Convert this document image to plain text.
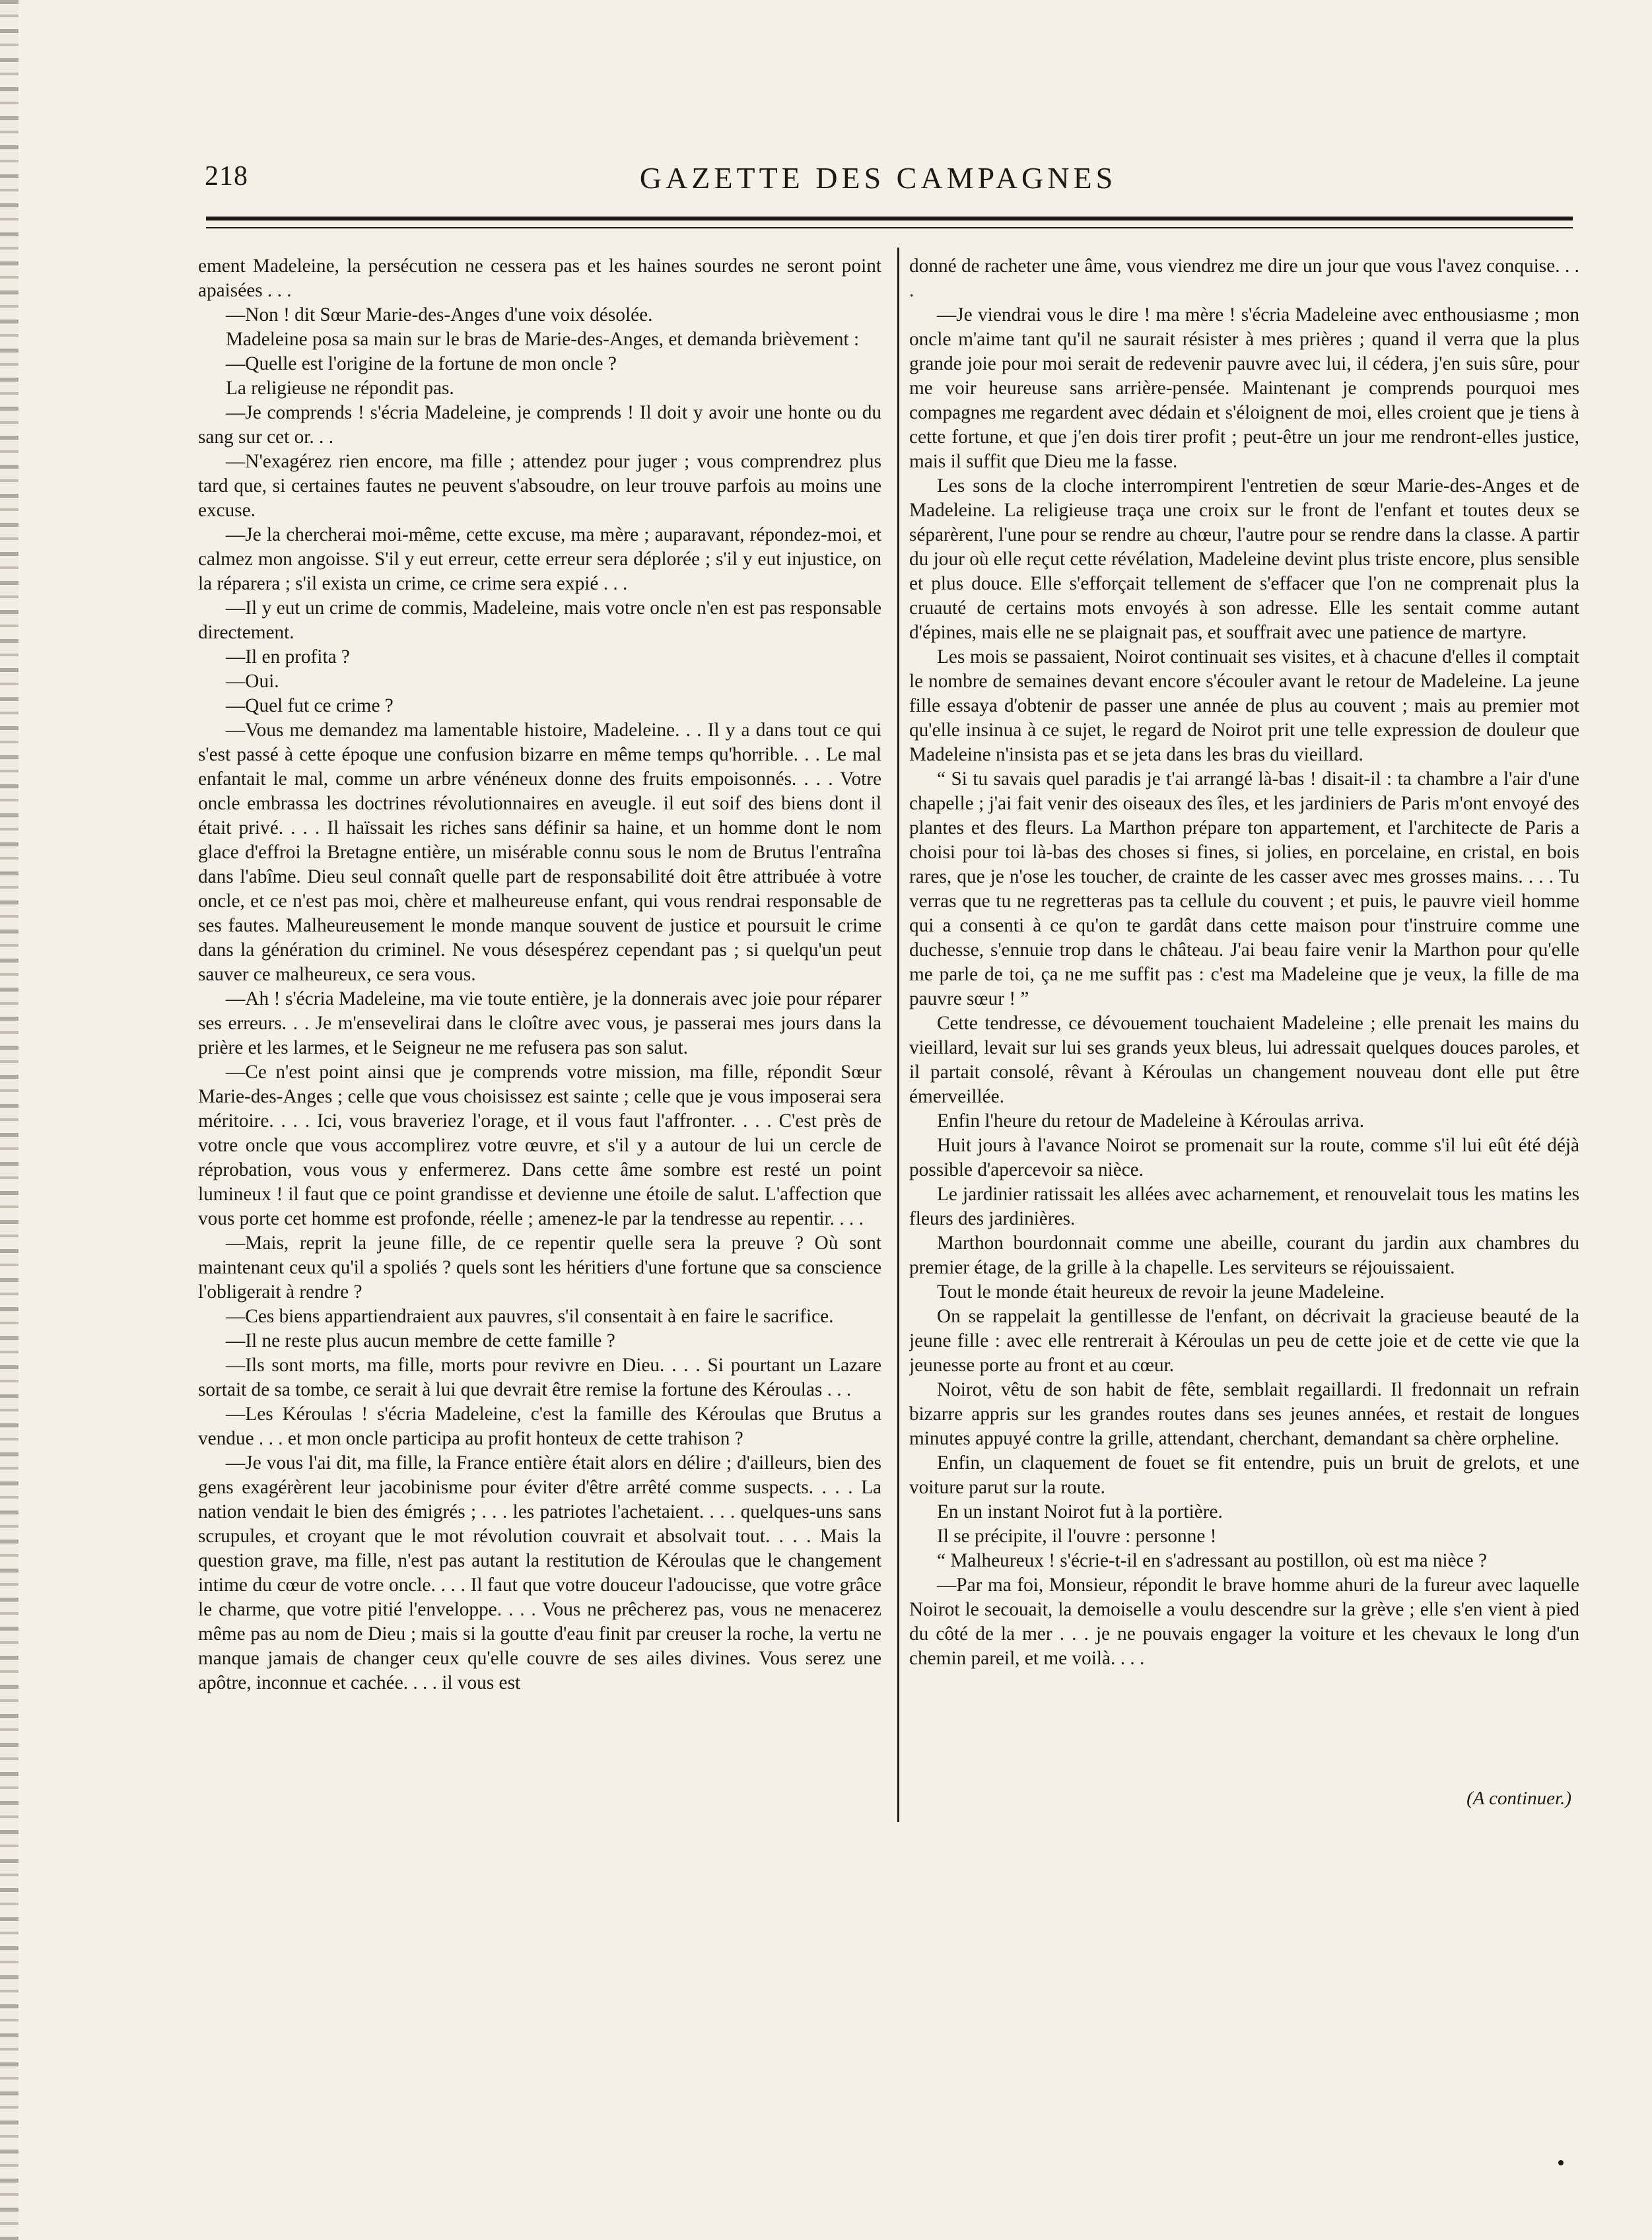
218	GAZETTE DES CAMPAGNES

ement Madeleine, la persécution ne cessera pas et les haines sourdes ne seront point apaisées . . .

—Non ! dit Sœur Marie-des-Anges d'une voix désolée.

Madeleine posa sa main sur le bras de Marie-des-Anges, et demanda brièvement :

—Quelle est l'origine de la fortune de mon oncle ?

La religieuse ne répondit pas.

—Je comprends ! s'écria Madeleine, je comprends ! Il doit y avoir une honte ou du sang sur cet or. . .

—N'exagérez rien encore, ma fille ; attendez pour juger ; vous comprendrez plus tard que, si certaines fautes ne peuvent s'absoudre, on leur trouve parfois au moins une excuse.

—Je la chercherai moi-même, cette excuse, ma mère ; auparavant, répondez-moi, et calmez mon angoisse. S'il y eut erreur, cette erreur sera déplorée ; s'il y eut injustice, on la réparera ; s'il exista un crime, ce crime sera expié . . .

—Il y eut un crime de commis, Madeleine, mais votre oncle n'en est pas responsable directement.

—Il en profita ?

—Oui.

—Quel fut ce crime ?

—Vous me demandez ma lamentable histoire, Madeleine. . . Il y a dans tout ce qui s'est passé à cette époque une confusion bizarre en même temps qu'horrible. . . Le mal enfantait le mal, comme un arbre vénéneux donne des fruits empoisonnés. . . . Votre oncle embrassa les doctrines révolutionnaires en aveugle. il eut soif des biens dont il était privé. . . . Il haïssait les riches sans définir sa haine, et un homme dont le nom glace d'effroi la Bretagne entière, un misérable connu sous le nom de Brutus l'entraîna dans l'abîme. Dieu seul connaît quelle part de responsabilité doit être attribuée à votre oncle, et ce n'est pas moi, chère et malheureuse enfant, qui vous rendrai responsable de ses fautes. Malheureusement le monde manque souvent de justice et poursuit le crime dans la génération du criminel. Ne vous désespérez cependant pas ; si quelqu'un peut sauver ce malheureux, ce sera vous.

—Ah ! s'écria Madeleine, ma vie toute entière, je la donnerais avec joie pour réparer ses erreurs. . . Je m'ensevelirai dans le cloître avec vous, je passerai mes jours dans la prière et les larmes, et le Seigneur ne me refusera pas son salut.

—Ce n'est point ainsi que je comprends votre mission, ma fille, répondit Sœur Marie-des-Anges ; celle que vous choisissez est sainte ; celle que je vous imposerai sera méritoire. . . . Ici, vous braveriez l'orage, et il vous faut l'affronter. . . . C'est près de votre oncle que vous accomplirez votre œuvre, et s'il y a autour de lui un cercle de réprobation, vous vous y enfermerez. Dans cette âme sombre est resté un point lumineux ! il faut que ce point grandisse et devienne une étoile de salut. L'affection que vous porte cet homme est profonde, réelle ; amenez-le par la tendresse au repentir. . . .

—Mais, reprit la jeune fille, de ce repentir quelle sera la preuve ? Où sont maintenant ceux qu'il a spoliés ? quels sont les héritiers d'une fortune que sa conscience l'obligerait à rendre ?

—Ces biens appartiendraient aux pauvres, s'il consentait à en faire le sacrifice.

—Il ne reste plus aucun membre de cette famille ?

—Ils sont morts, ma fille, morts pour revivre en Dieu. . . . Si pourtant un Lazare sortait de sa tombe, ce serait à lui que devrait être remise la fortune des Kéroulas . . .

—Les Kéroulas ! s'écria Madeleine, c'est la famille des Kéroulas que Brutus a vendue . . . et mon oncle participa au profit honteux de cette trahison ?

—Je vous l'ai dit, ma fille, la France entière était alors en délire ; d'ailleurs, bien des gens exagérèrent leur jacobinisme pour éviter d'être arrêté comme suspects. . . . La nation vendait le bien des émigrés ; . . . les patriotes l'achetaient. . . . quelques-uns sans scrupules, et croyant que le mot révolution couvrait et absolvait tout. . . . Mais la question grave, ma fille, n'est pas autant la restitution de Kéroulas que le changement intime du cœur de votre oncle. . . . Il faut que votre douceur l'adoucisse, que votre grâce le charme, que votre pitié l'enveloppe. . . . Vous ne prêcherez pas, vous ne menacerez même pas au nom de Dieu ; mais si la goutte d'eau finit par creuser la roche, la vertu ne manque jamais de changer ceux qu'elle couvre de ses ailes divines. Vous serez une apôtre, inconnue et cachée. . . . il vous est

donné de racheter une âme, vous viendrez me dire un jour que vous l'avez conquise. . . .

—Je viendrai vous le dire ! ma mère ! s'écria Madeleine avec enthousiasme ; mon oncle m'aime tant qu'il ne saurait résister à mes prières ; quand il verra que la plus grande joie pour moi serait de redevenir pauvre avec lui, il cédera, j'en suis sûre, pour me voir heureuse sans arrière-pensée. Maintenant je comprends pourquoi mes compagnes me regardent avec dédain et s'éloignent de moi, elles croient que je tiens à cette fortune, et que j'en dois tirer profit ; peut-être un jour me rendront-elles justice, mais il suffit que Dieu me la fasse.

Les sons de la cloche interrompirent l'entretien de sœur Marie-des-Anges et de Madeleine. La religieuse traça une croix sur le front de l'enfant et toutes deux se séparèrent, l'une pour se rendre au chœur, l'autre pour se rendre dans la classe. A partir du jour où elle reçut cette révélation, Madeleine devint plus triste encore, plus sensible et plus douce. Elle s'efforçait tellement de s'effacer que l'on ne comprenait plus la cruauté de certains mots envoyés à son adresse. Elle les sentait comme autant d'épines, mais elle ne se plaignait pas, et souffrait avec une patience de martyre.

Les mois se passaient, Noirot continuait ses visites, et à chacune d'elles il comptait le nombre de semaines devant encore s'écouler avant le retour de Madeleine. La jeune fille essaya d'obtenir de passer une année de plus au couvent ; mais au premier mot qu'elle insinua à ce sujet, le regard de Noirot prit une telle expression de douleur que Madeleine n'insista pas et se jeta dans les bras du vieillard.

“ Si tu savais quel paradis je t'ai arrangé là-bas ! disait-il : ta chambre a l'air d'une chapelle ; j'ai fait venir des oiseaux des îles, et les jardiniers de Paris m'ont envoyé des plantes et des fleurs. La Marthon prépare ton appartement, et l'architecte de Paris a choisi pour toi là-bas des choses si fines, si jolies, en porcelaine, en cristal, en bois rares, que je n'ose les toucher, de crainte de les casser avec mes grosses mains. . . . Tu verras que tu ne regretteras pas ta cellule du couvent ; et puis, le pauvre vieil homme qui a consenti à ce qu'on te gardât dans cette maison pour t'instruire comme une duchesse, s'ennuie trop dans le château. J'ai beau faire venir la Marthon pour qu'elle me parle de toi, ça ne me suffit pas : c'est ma Madeleine que je veux, la fille de ma pauvre sœur ! ”

Cette tendresse, ce dévouement touchaient Madeleine ; elle prenait les mains du vieillard, levait sur lui ses grands yeux bleus, lui adressait quelques douces paroles, et il partait consolé, rêvant à Kéroulas un changement nouveau dont elle put être émerveillée.

Enfin l'heure du retour de Madeleine à Kéroulas arriva.

Huit jours à l'avance Noirot se promenait sur la route, comme s'il lui eût été déjà possible d'apercevoir sa nièce.

Le jardinier ratissait les allées avec acharnement, et renouvelait tous les matins les fleurs des jardinières.

Marthon bourdonnait comme une abeille, courant du jardin aux chambres du premier étage, de la grille à la chapelle. Les serviteurs se réjouissaient.

Tout le monde était heureux de revoir la jeune Madeleine.

On se rappelait la gentillesse de l'enfant, on décrivait la gracieuse beauté de la jeune fille : avec elle rentrerait à Kéroulas un peu de cette joie et de cette vie que la jeunesse porte au front et au cœur.

Noirot, vêtu de son habit de fête, semblait regaillardi. Il fredonnait un refrain bizarre appris sur les grandes routes dans ses jeunes années, et restait de longues minutes appuyé contre la grille, attendant, cherchant, demandant sa chère orpheline.

Enfin, un claquement de fouet se fit entendre, puis un bruit de grelots, et une voiture parut sur la route.

En un instant Noirot fut à la portière.

Il se précipite, il l'ouvre : personne !

“ Malheureux ! s'écrie-t-il en s'adressant au postillon, où est ma nièce ?

—Par ma foi, Monsieur, répondit le brave homme ahuri de la fureur avec laquelle Noirot le secouait, la demoiselle a voulu descendre sur la grève ; elle s'en vient à pied du côté de la mer . . . je ne pouvais engager la voiture et les chevaux le long d'un chemin pareil, et me voilà. . . .

(A continuer.)
